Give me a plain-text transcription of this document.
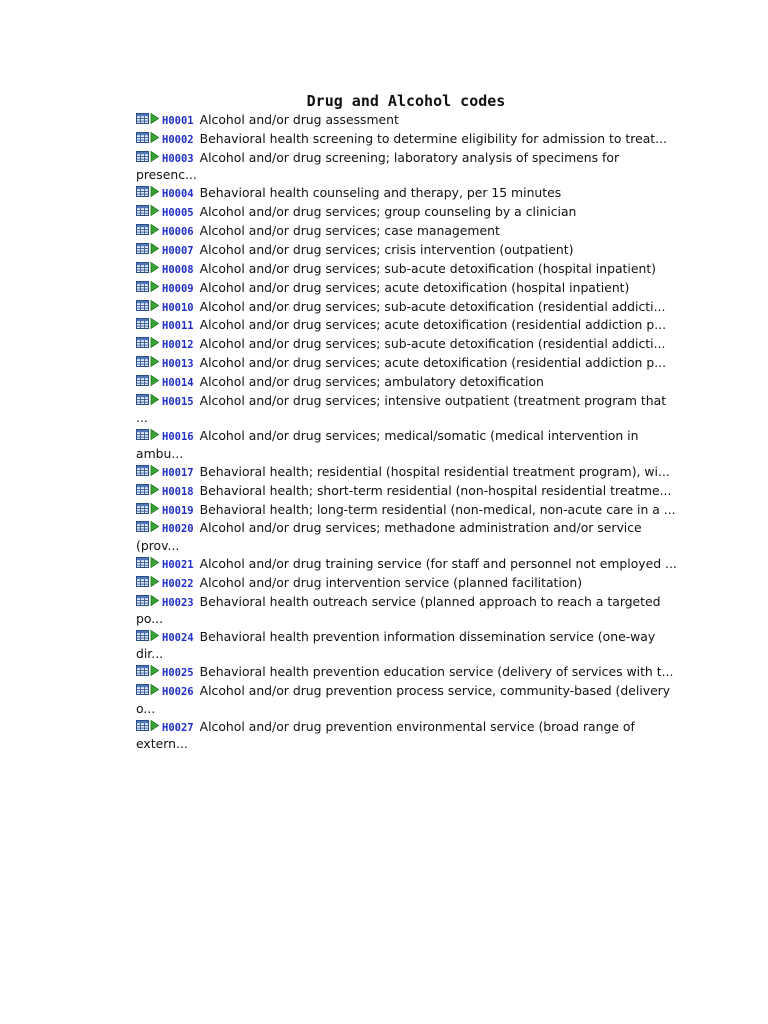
Drug and Alcohol codes
H0001 Alcohol and/or drug assessment
H0002 Behavioral health screening to determine eligibility for admission to treat...
H0003 Alcohol and/or drug screening; laboratory analysis of specimens for presenc...
H0004 Behavioral health counseling and therapy, per 15 minutes
H0005 Alcohol and/or drug services; group counseling by a clinician
H0006 Alcohol and/or drug services; case management
H0007 Alcohol and/or drug services; crisis intervention (outpatient)
H0008 Alcohol and/or drug services; sub-acute detoxification (hospital inpatient)
H0009 Alcohol and/or drug services; acute detoxification (hospital inpatient)
H0010 Alcohol and/or drug services; sub-acute detoxification (residential addicti...
H0011 Alcohol and/or drug services; acute detoxification (residential addiction p...
H0012 Alcohol and/or drug services; sub-acute detoxification (residential addicti...
H0013 Alcohol and/or drug services; acute detoxification (residential addiction p...
H0014 Alcohol and/or drug services; ambulatory detoxification
H0015 Alcohol and/or drug services; intensive outpatient (treatment program that ...
H0016 Alcohol and/or drug services; medical/somatic (medical intervention in ambu...
H0017 Behavioral health; residential (hospital residential treatment program), wi...
H0018 Behavioral health; short-term residential (non-hospital residential treatme...
H0019 Behavioral health; long-term residential (non-medical, non-acute care in a ...
H0020 Alcohol and/or drug services; methadone administration and/or service (prov...
H0021 Alcohol and/or drug training service (for staff and personnel not employed ...
H0022 Alcohol and/or drug intervention service (planned facilitation)
H0023 Behavioral health outreach service (planned approach to reach a targeted po...
H0024 Behavioral health prevention information dissemination service (one-way dir...
H0025 Behavioral health prevention education service (delivery of services with t...
H0026 Alcohol and/or drug prevention process service, community-based (delivery o...
H0027 Alcohol and/or drug prevention environmental service (broad range of extern...
